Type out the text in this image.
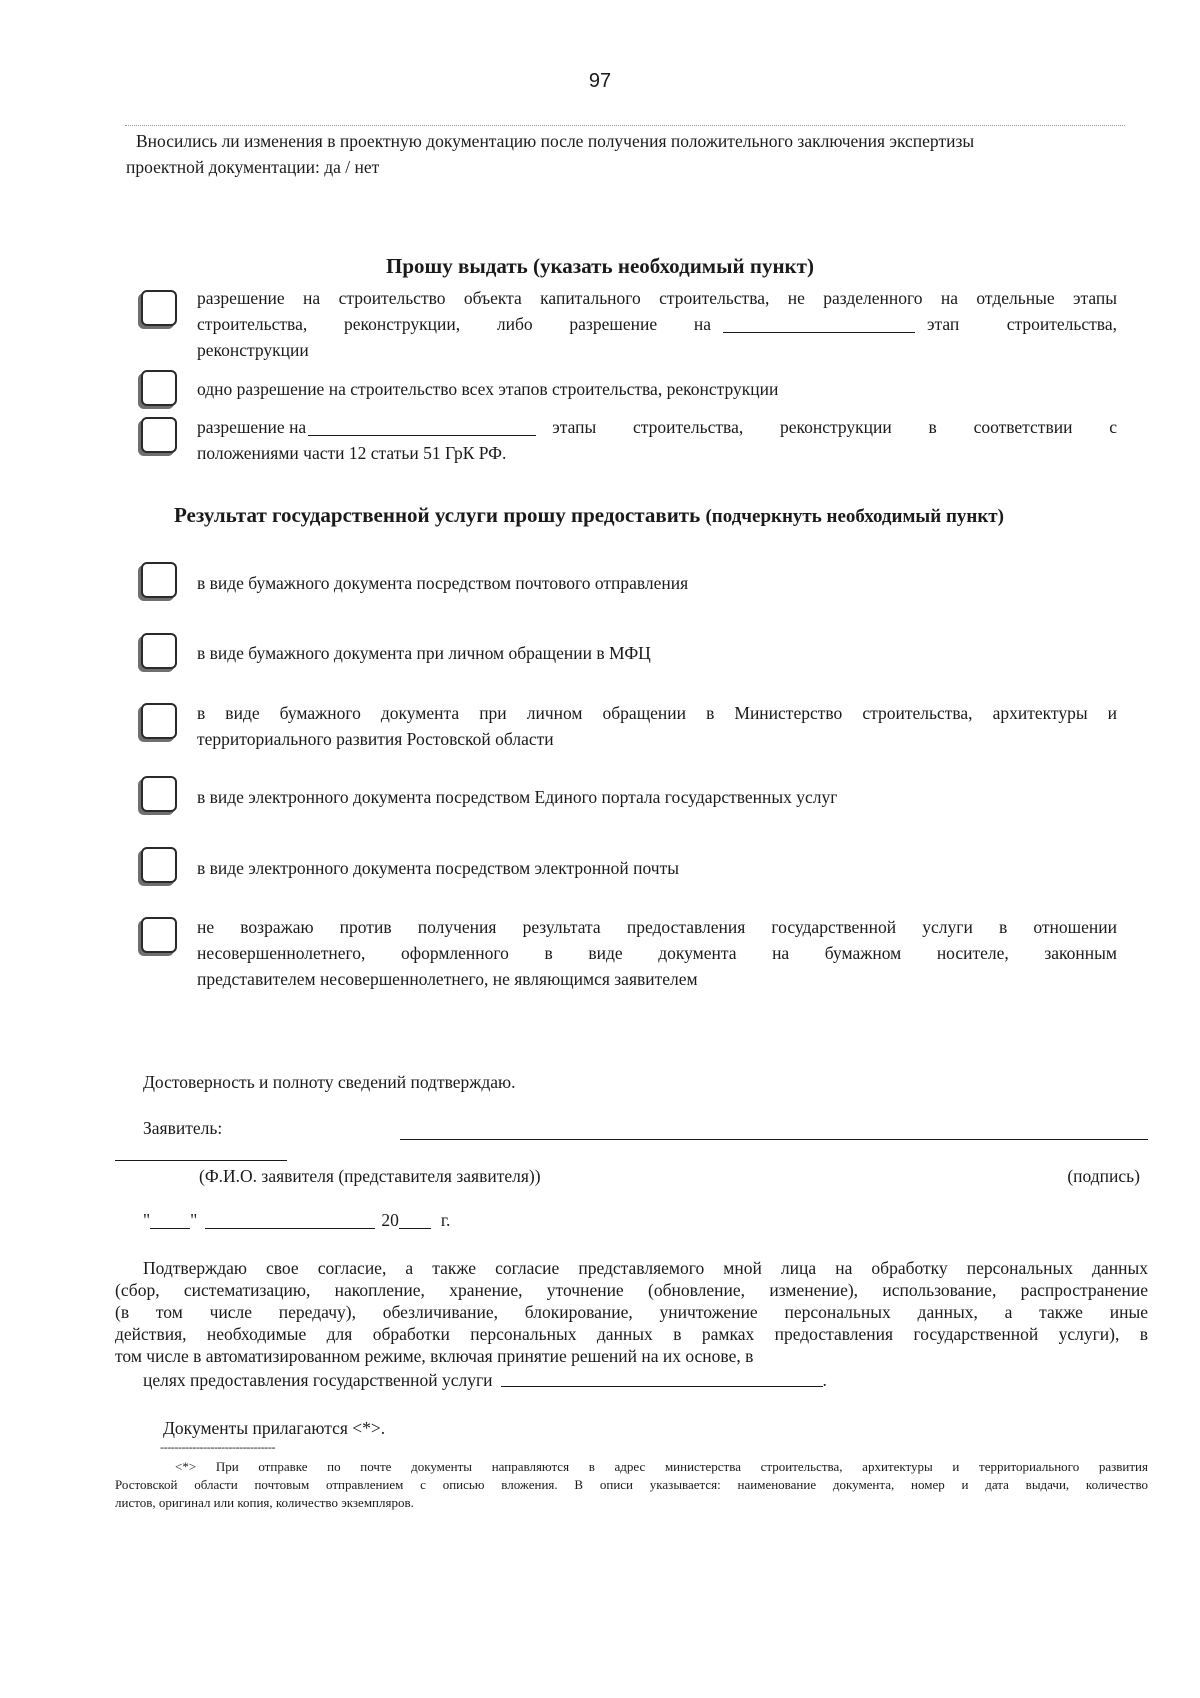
97
Вносились ли изменения в проектную документацию после получения положительного заключения экспертизы
проектной документации: да / нет
Прошу выдать (указать необходимый пункт)
разрешение на строительство объекта капитального строительства, не разделенного на отдельные этапы
строительства, реконструкции, либо разрешение на	этап строительства,
реконструкции
одно разрешение на строительство всех этапов строительства, реконструкции
разрешение на	этапы строительства, реконструкции в соответствии с
положениями части 12 статьи 51 ГрК РФ.
Результат государственной услуги прошу предоставить (подчеркнуть необходимый пункт)
в виде бумажного документа посредством почтового отправления
в виде бумажного документа при личном обращении в МФЦ
в виде бумажного документа при личном обращении в Министерство строительства, архитектуры и
территориального развития Ростовской области
в виде электронного документа посредством Единого портала государственных услуг
в виде электронного документа посредством электронной почты
не возражаю против получения результата предоставления государственной услуги в отношении
несовершеннолетнего, оформленного в виде документа на бумажном носителе, законным
представителем несовершеннолетнего, не являющимся заявителем
Достоверность и полноту сведений подтверждаю.
Заявитель:
(Ф.И.О. заявителя (представителя заявителя))	(подпись)
" "	20 г.
Подтверждаю свое согласие, а также согласие представляемого мной лица на обработку персональных данных
(сбор, систематизацию, накопление, хранение, уточнение (обновление, изменение), использование, распространение
(в том числе передачу), обезличивание, блокирование, уничтожение персональных данных, а также иные
действия, необходимые для обработки персональных данных в рамках предоставления государственной услуги), в
том числе в автоматизированном режиме, включая принятие решений на их основе, в
целях предоставления государственной услуги	.
Документы прилагаются <*>.
--------------------------------
<*> При отправке по почте документы направляются в адрес министерства строительства, архитектуры и территориального развития
Ростовской области почтовым отправлением с описью вложения. В описи указывается: наименование документа, номер и дата выдачи, количество
листов, оригинал или копия, количество экземпляров.
